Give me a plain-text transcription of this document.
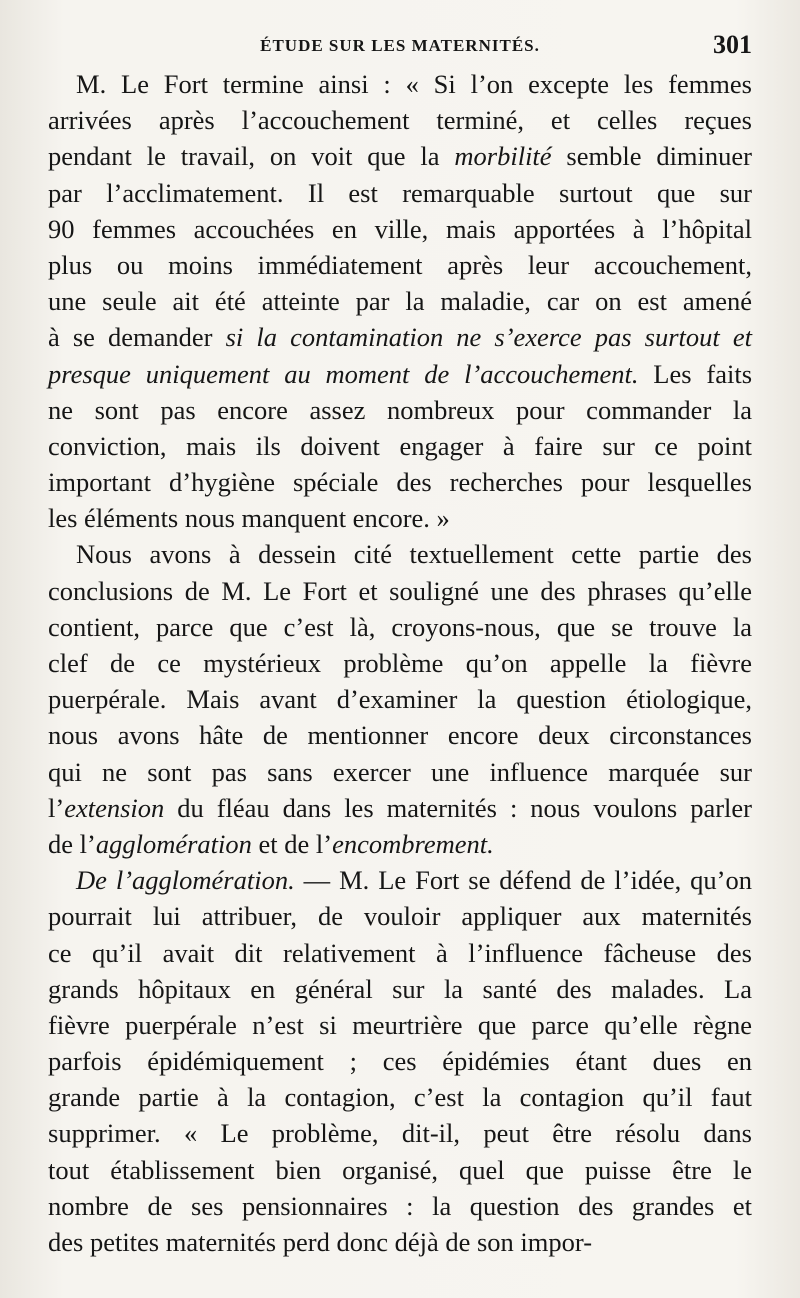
ÉTUDE SUR LES MATERNITÉS.	301
M. Le Fort termine ainsi : « Si l’on excepte les femmes
arrivées après l’accouchement terminé, et celles reçues
pendant le travail, on voit que la morbilité semble diminuer
par l’acclimatement. Il est remarquable surtout que sur
90 femmes accouchées en ville, mais apportées à l’hôpital
plus ou moins immédiatement après leur accouchement,
une seule ait été atteinte par la maladie, car on est amené
à se demander si la contamination ne s’exerce pas surtout et
presque uniquement au moment de l’accouchement. Les faits
ne sont pas encore assez nombreux pour commander la
conviction, mais ils doivent engager à faire sur ce point
important d’hygiène spéciale des recherches pour lesquelles
les éléments nous manquent encore. »
Nous avons à dessein cité textuellement cette partie des
conclusions de M. Le Fort et souligné une des phrases qu’elle
contient, parce que c’est là, croyons-nous, que se trouve la
clef de ce mystérieux problème qu’on appelle la fièvre
puerpérale. Mais avant d’examiner la question étiologique,
nous avons hâte de mentionner encore deux circonstances
qui ne sont pas sans exercer une influence marquée sur
l’extension du fléau dans les maternités : nous voulons parler
de l’agglomération et de l’encombrement.
De l’agglomération. — M. Le Fort se défend de l’idée, qu’on
pourrait lui attribuer, de vouloir appliquer aux maternités
ce qu’il avait dit relativement à l’influence fâcheuse des
grands hôpitaux en général sur la santé des malades. La
fièvre puerpérale n’est si meurtrière que parce qu’elle règne
parfois épidémiquement ; ces épidémies étant dues en
grande partie à la contagion, c’est la contagion qu’il faut
supprimer. « Le problème, dit-il, peut être résolu dans
tout établissement bien organisé, quel que puisse être le
nombre de ses pensionnaires : la question des grandes et
des petites maternités perd donc déjà de son impor-
